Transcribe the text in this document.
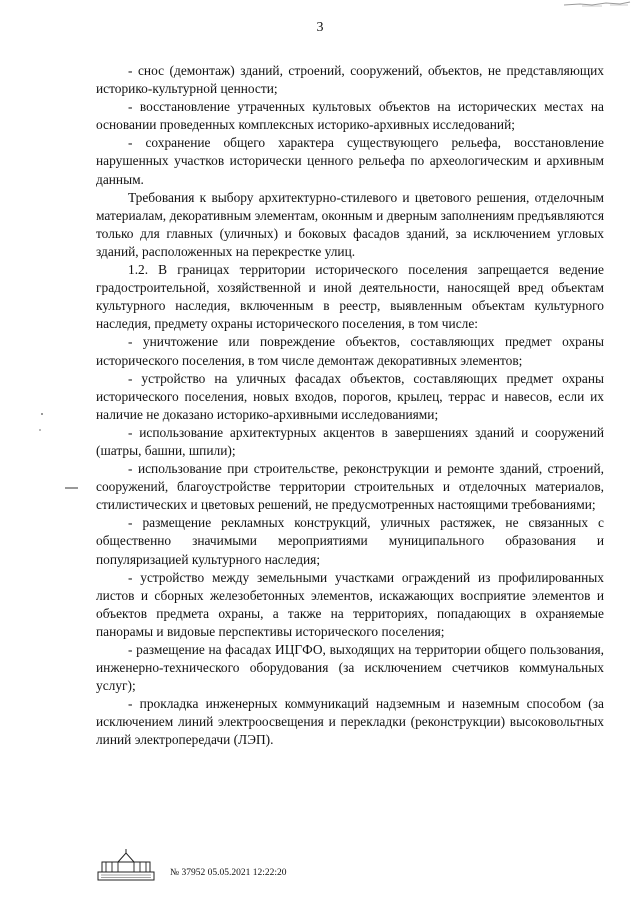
3

- снос (демонтаж) зданий, строений, сооружений, объектов, не представляющих историко-культурной ценности;

- восстановление утраченных культовых объектов на исторических местах на основании проведенных комплексных историко-архивных исследований;

- сохранение общего характера существующего рельефа, восстановление нарушенных участков исторически ценного рельефа по археологическим и архивным данным.

Требования к выбору архитектурно-стилевого и цветового решения, отделочным материалам, декоративным элементам, оконным и дверным заполнениям предъявляются только для главных (уличных) и боковых фасадов зданий, за исключением угловых зданий, расположенных на перекрестке улиц.

1.2. В границах территории исторического поселения запрещается ведение градостроительной, хозяйственной и иной деятельности, наносящей вред объектам культурного наследия, включенным в реестр, выявленным объектам культурного наследия, предмету охраны исторического поселения, в том числе:

- уничтожение или повреждение объектов, составляющих предмет охраны исторического поселения, в том числе демонтаж декоративных элементов;

- устройство на уличных фасадах объектов, составляющих предмет охраны исторического поселения, новых входов, порогов, крылец, террас и навесов, если их наличие не доказано историко-архивными исследованиями;

- использование архитектурных акцентов в завершениях зданий и сооружений (шатры, башни, шпили);

- использование при строительстве, реконструкции и ремонте зданий, строений, сооружений, благоустройстве территории строительных и отделочных материалов, стилистических и цветовых решений, не предусмотренных настоящими требованиями;

- размещение рекламных конструкций, уличных растяжек, не связанных с общественно значимыми мероприятиями муниципального образования и популяризацией культурного наследия;

- устройство между земельными участками ограждений из профилированных листов и сборных железобетонных элементов, искажающих восприятие элементов и объектов предмета охраны, а также на территориях, попадающих в охраняемые панорамы и видовые перспективы исторического поселения;

- размещение на фасадах ИЦГФО, выходящих на территории общего пользования, инженерно-технического оборудования (за исключением счетчиков коммунальных услуг);

- прокладка инженерных коммуникаций надземным и наземным способом (за исключением линий электроосвещения и перекладки (реконструкции) высоковольтных линий электропередачи (ЛЭП).

№ 37952 05.05.2021 12:22:20
